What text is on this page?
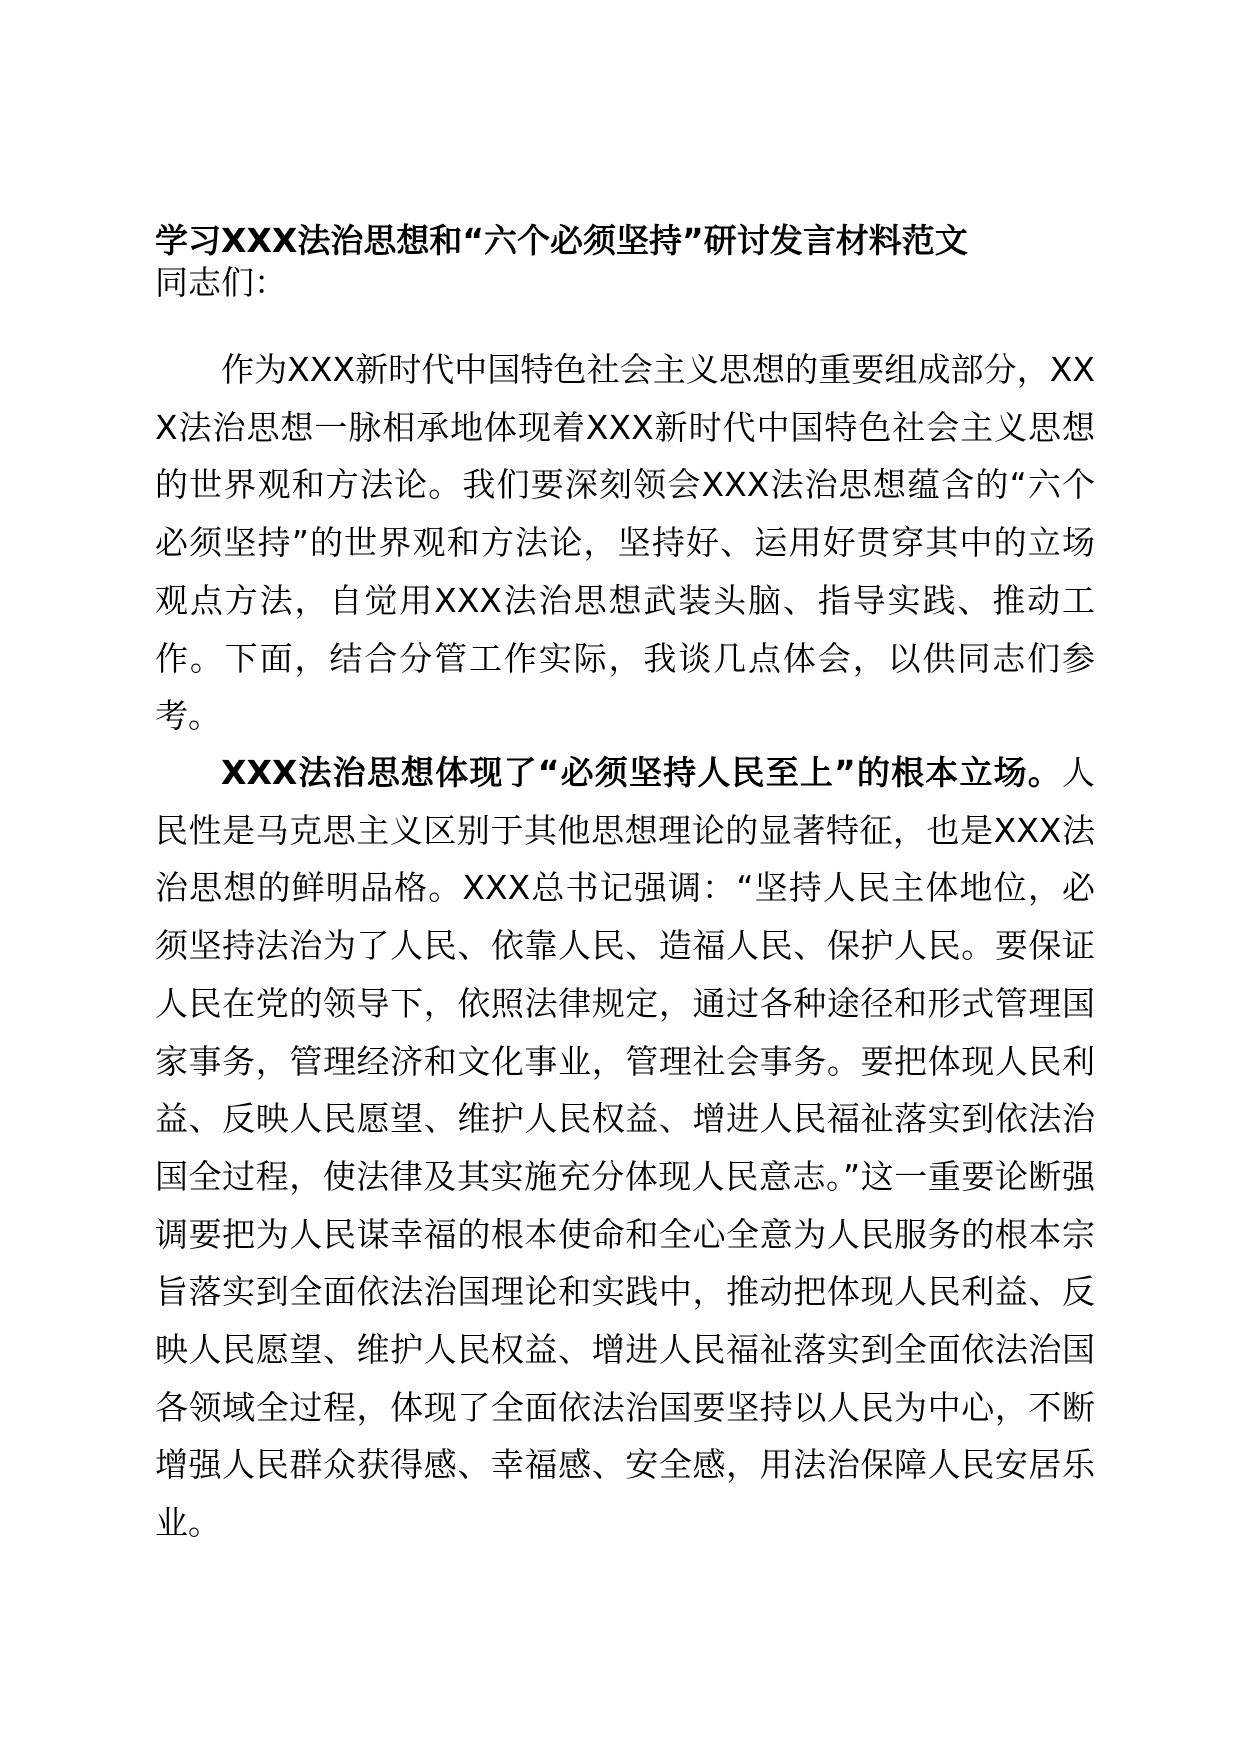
学习XXX法治思想和“六个必须坚持”研讨发言材料范文
同志们：
作为XXX新时代中国特色社会主义思想的重要组成部分，XXX法治思想一脉相承地体现着XXX新时代中国特色社会主义思想的世界观和方法论。我们要深刻领会XXX法治思想蕴含的“六个必须坚持”的世界观和方法论，坚持好、运用好贯穿其中的立场观点方法，自觉用XXX法治思想武装头脑、指导实践、推动工作。下面，结合分管工作实际，我谈几点体会，以供同志们参考。
XXX法治思想体现了“必须坚持人民至上”的根本立场。人民性是马克思主义区别于其他思想理论的显著特征，也是XXX法治思想的鲜明品格。XXX总书记强调：“坚持人民主体地位，必须坚持法治为了人民、依靠人民、造福人民、保护人民。要保证人民在党的领导下，依照法律规定，通过各种途径和形式管理国家事务，管理经济和文化事业，管理社会事务。要把体现人民利益、反映人民愿望、维护人民权益、增进人民福祉落实到依法治国全过程，使法律及其实施充分体现人民意志。”这一重要论断强调要把为人民谋幸福的根本使命和全心全意为人民服务的根本宗旨落实到全面依法治国理论和实践中，推动把体现人民利益、反映人民愿望、维护人民权益、增进人民福祉落实到全面依法治国各领域全过程，体现了全面依法治国要坚持以人民为中心，不断增强人民群众获得感、幸福感、安全感，用法治保障人民安居乐业。
